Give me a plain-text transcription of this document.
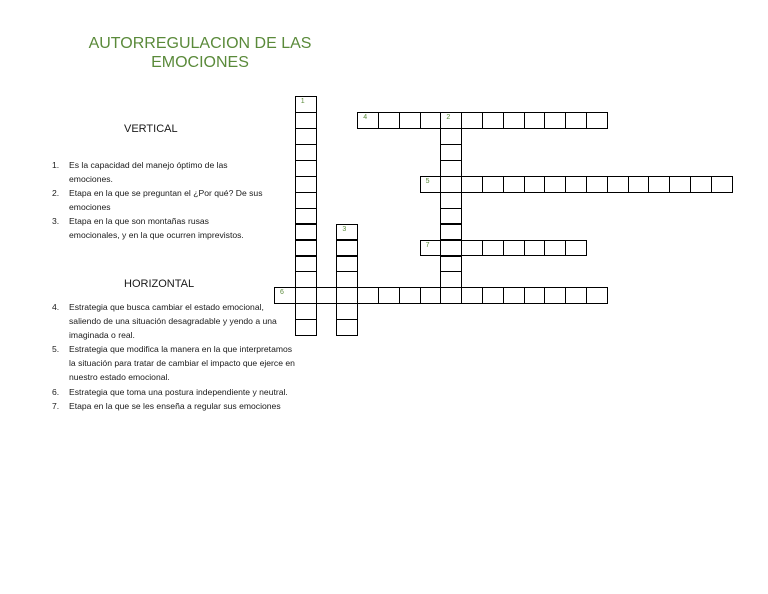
AUTORREGULACION DE LAS
EMOCIONES
VERTICAL
1. Es la capacidad del manejo óptimo de las emociones.
2. Etapa en la que se preguntan el ¿Por qué? De sus emociones
3. Etapa en la que son montañas rusas emocionales, y en la que ocurren imprevistos.
HORIZONTAL
4. Estrategia que busca cambiar el estado emocional, saliendo de una situación desagradable y yendo a una imaginada o real.
5. Estrategia que modifica la manera en la que interpretamos la situación para tratar de cambiar el impacto que ejerce en nuestro estado emocional.
6. Estrategia que toma una postura independiente y neutral.
7. Etapa en la que se les enseña a regular sus emociones
1
2
3
4
5
6
7
